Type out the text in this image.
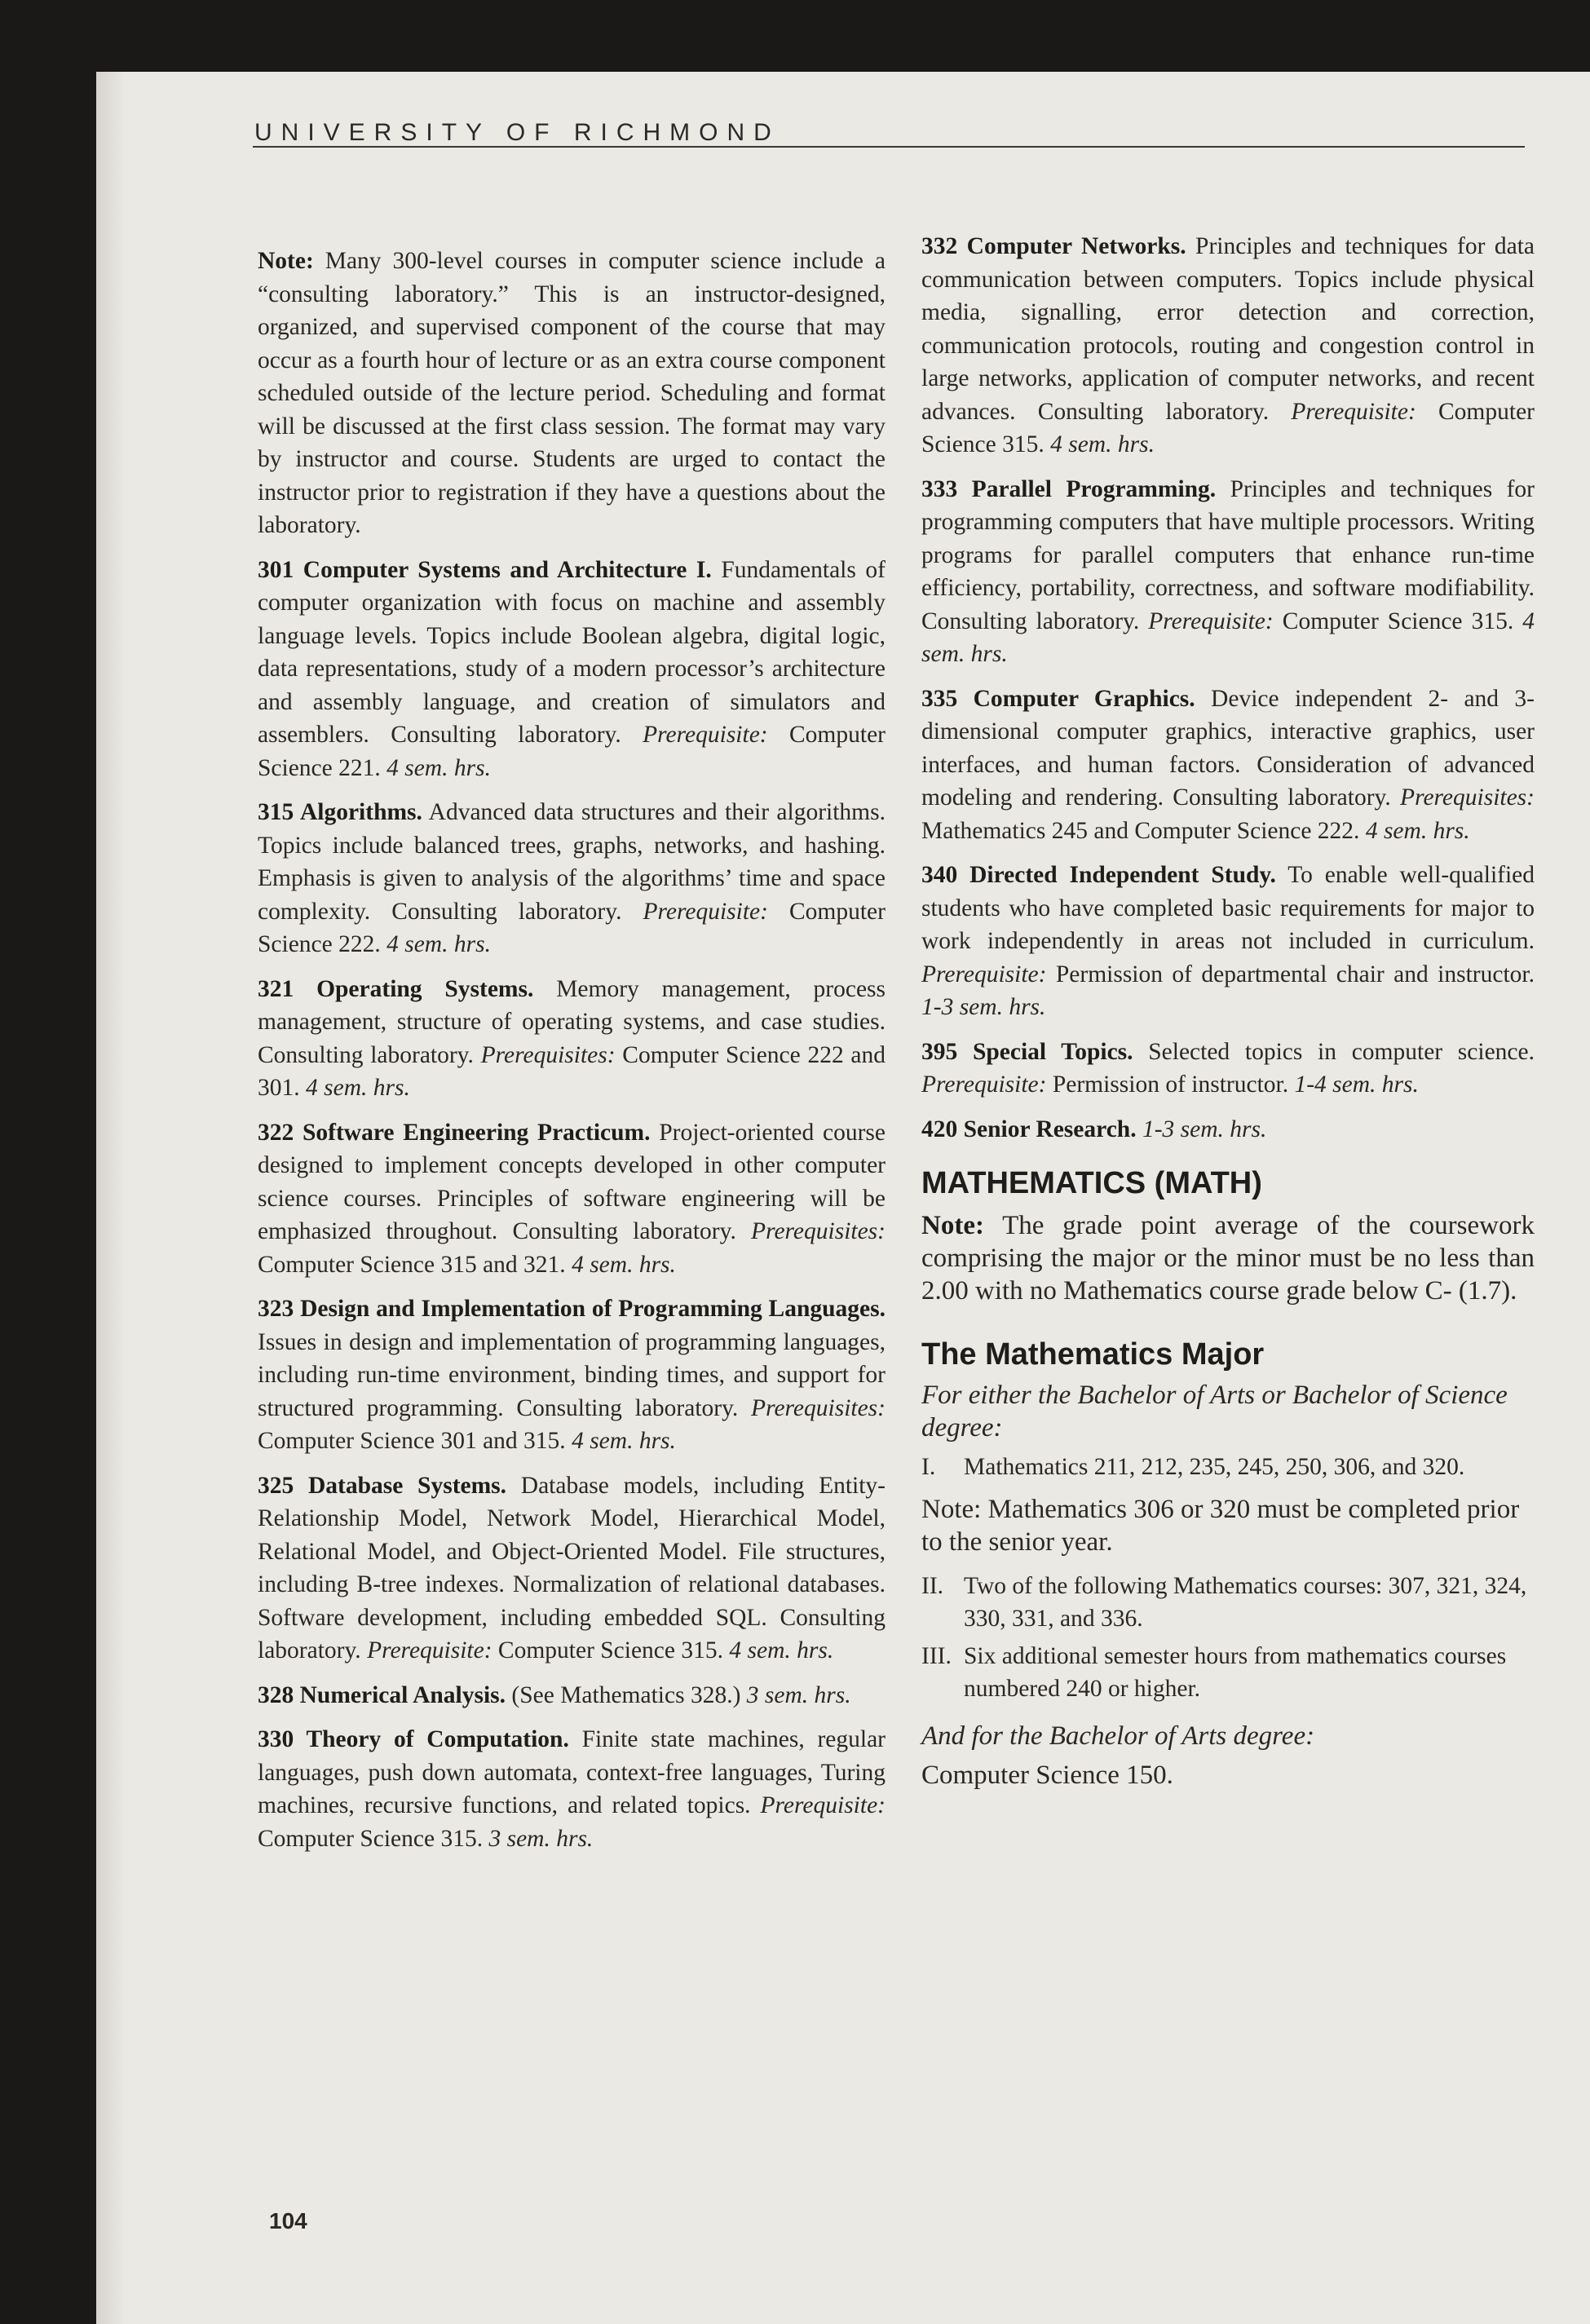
UNIVERSITY OF RICHMOND

Note: Many 300-level courses in computer science include a “consulting laboratory.” This is an instructor-designed, organized, and supervised component of the course that may occur as a fourth hour of lecture or as an extra course component scheduled outside of the lecture period. Scheduling and format will be discussed at the first class session. The format may vary by instructor and course. Students are urged to contact the instructor prior to registration if they have a questions about the laboratory.

301 Computer Systems and Architecture I. Fundamentals of computer organization with focus on machine and assembly language levels. Topics include Boolean algebra, digital logic, data representations, study of a modern processor’s architecture and assembly language, and creation of simulators and assemblers. Consulting laboratory. Prerequisite: Computer Science 221. 4 sem. hrs.

315 Algorithms. Advanced data structures and their algorithms. Topics include balanced trees, graphs, networks, and hashing. Emphasis is given to analysis of the algorithms’ time and space complexity. Consulting laboratory. Prerequisite: Computer Science 222. 4 sem. hrs.

321 Operating Systems. Memory management, process management, structure of operating systems, and case studies. Consulting laboratory. Prerequisites: Computer Science 222 and 301. 4 sem. hrs.

322 Software Engineering Practicum. Project-oriented course designed to implement concepts developed in other computer science courses. Principles of software engineering will be emphasized throughout. Consulting laboratory. Prerequisites: Computer Science 315 and 321. 4 sem. hrs.

323 Design and Implementation of Programming Languages. Issues in design and implementation of programming languages, including run-time environment, binding times, and support for structured programming. Consulting laboratory. Prerequisites: Computer Science 301 and 315. 4 sem. hrs.

325 Database Systems. Database models, including Entity-Relationship Model, Network Model, Hierarchical Model, Relational Model, and Object-Oriented Model. File structures, including B-tree indexes. Normalization of relational databases. Software development, including embedded SQL. Consulting laboratory. Prerequisite: Computer Science 315. 4 sem. hrs.

328 Numerical Analysis. (See Mathematics 328.) 3 sem. hrs.

330 Theory of Computation. Finite state machines, regular languages, push down automata, context-free languages, Turing machines, recursive functions, and related topics. Prerequisite: Computer Science 315. 3 sem. hrs.

332 Computer Networks. Principles and techniques for data communication between computers. Topics include physical media, signalling, error detection and correction, communication protocols, routing and congestion control in large networks, application of computer networks, and recent advances. Consulting laboratory. Prerequisite: Computer Science 315. 4 sem. hrs.

333 Parallel Programming. Principles and techniques for programming computers that have multiple processors. Writing programs for parallel computers that enhance run-time efficiency, portability, correctness, and software modifiability. Consulting laboratory. Prerequisite: Computer Science 315. 4 sem. hrs.

335 Computer Graphics. Device independent 2- and 3-dimensional computer graphics, interactive graphics, user interfaces, and human factors. Consideration of advanced modeling and rendering. Consulting laboratory. Prerequisites: Mathematics 245 and Computer Science 222. 4 sem. hrs.

340 Directed Independent Study. To enable well-qualified students who have completed basic requirements for major to work independently in areas not included in curriculum. Prerequisite: Permission of departmental chair and instructor. 1-3 sem. hrs.

395 Special Topics. Selected topics in computer science. Prerequisite: Permission of instructor. 1-4 sem. hrs.

420 Senior Research. 1-3 sem. hrs.

MATHEMATICS (MATH)

Note: The grade point average of the coursework comprising the major or the minor must be no less than 2.00 with no Mathematics course grade below C- (1.7).

The Mathematics Major

For either the Bachelor of Arts or Bachelor of Science degree:

I.	Mathematics 211, 212, 235, 245, 250, 306, and 320.

Note: Mathematics 306 or 320 must be completed prior to the senior year.

II. Two of the following Mathematics courses: 307, 321, 324, 330, 331, and 336.
III. Six additional semester hours from mathematics courses numbered 240 or higher.

And for the Bachelor of Arts degree:

Computer Science 150.

104
